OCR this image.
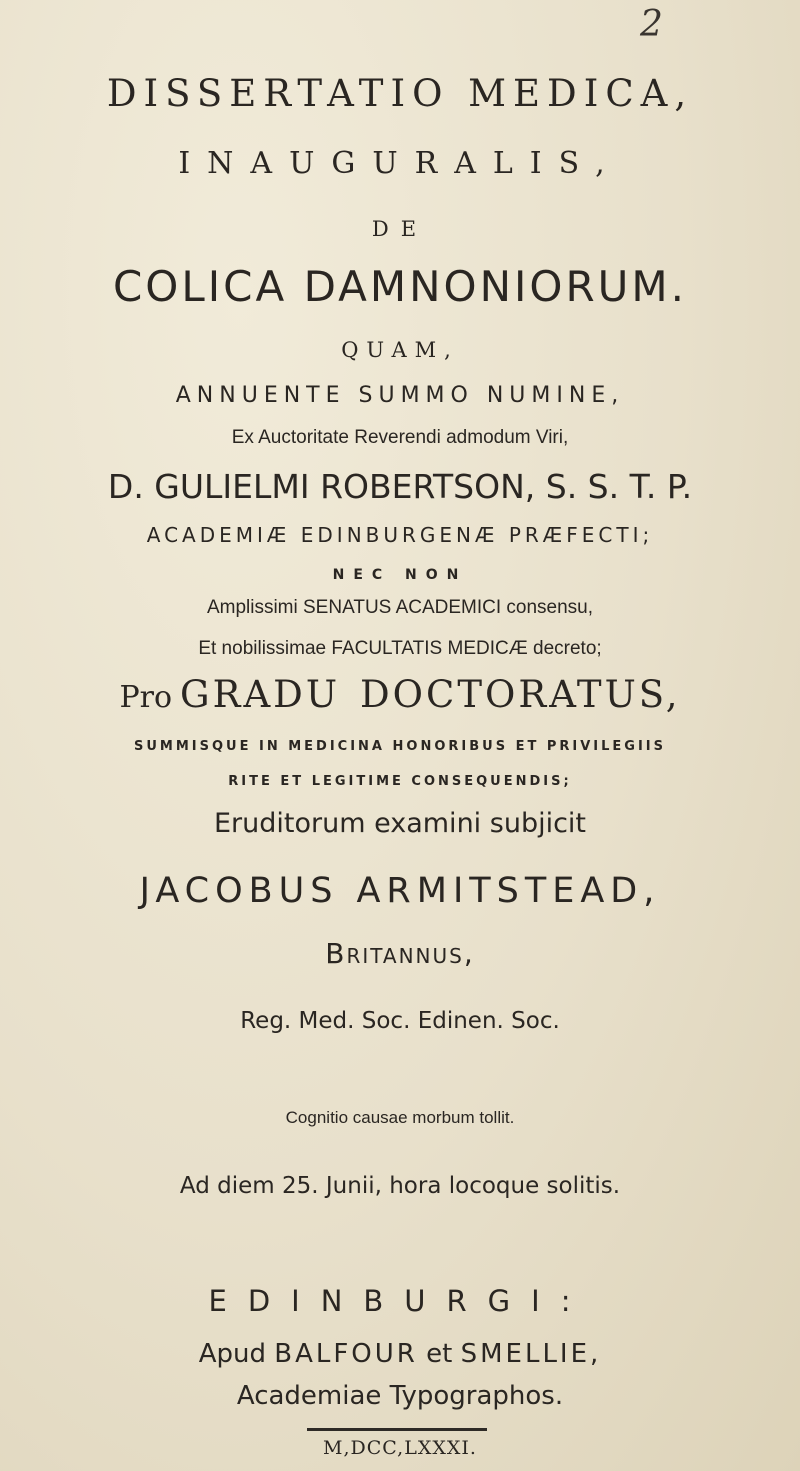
2
DISSERTATIO MEDICA,
INAUGURALIS,
DE
COLICA DAMNONIORUM.
QUAM,
ANNUENTE SUMMO NUMINE,
Ex Auctoritate Reverendi admodum Viri,
D. GULIELMI ROBERTSON, S. S. T. P.
ACADEMIÆ EDINBURGENÆ PRÆFECTI;
NEC NON
Amplissimi SENATUS ACADEMICI consensu,
Et nobilissimae FACULTATIS MEDICÆ decreto;
Pro GRADU DOCTORATUS,
SUMMISQUE IN MEDICINA HONORIBUS ET PRIVILEGIIS
RITE ET LEGITIME CONSEQUENDIS;
Eruditorum examini subjicit
JACOBUS ARMITSTEAD,
Britannus,
Reg. Med. Soc. Edinen. Soc.
Cognitio causae morbum tollit.
Ad diem 25. Junii, hora locoque solitis.
EDINBURGI:
Apud BALFOUR et SMELLIE,
Academiae Typographos.
M,DCC,LXXXI.
